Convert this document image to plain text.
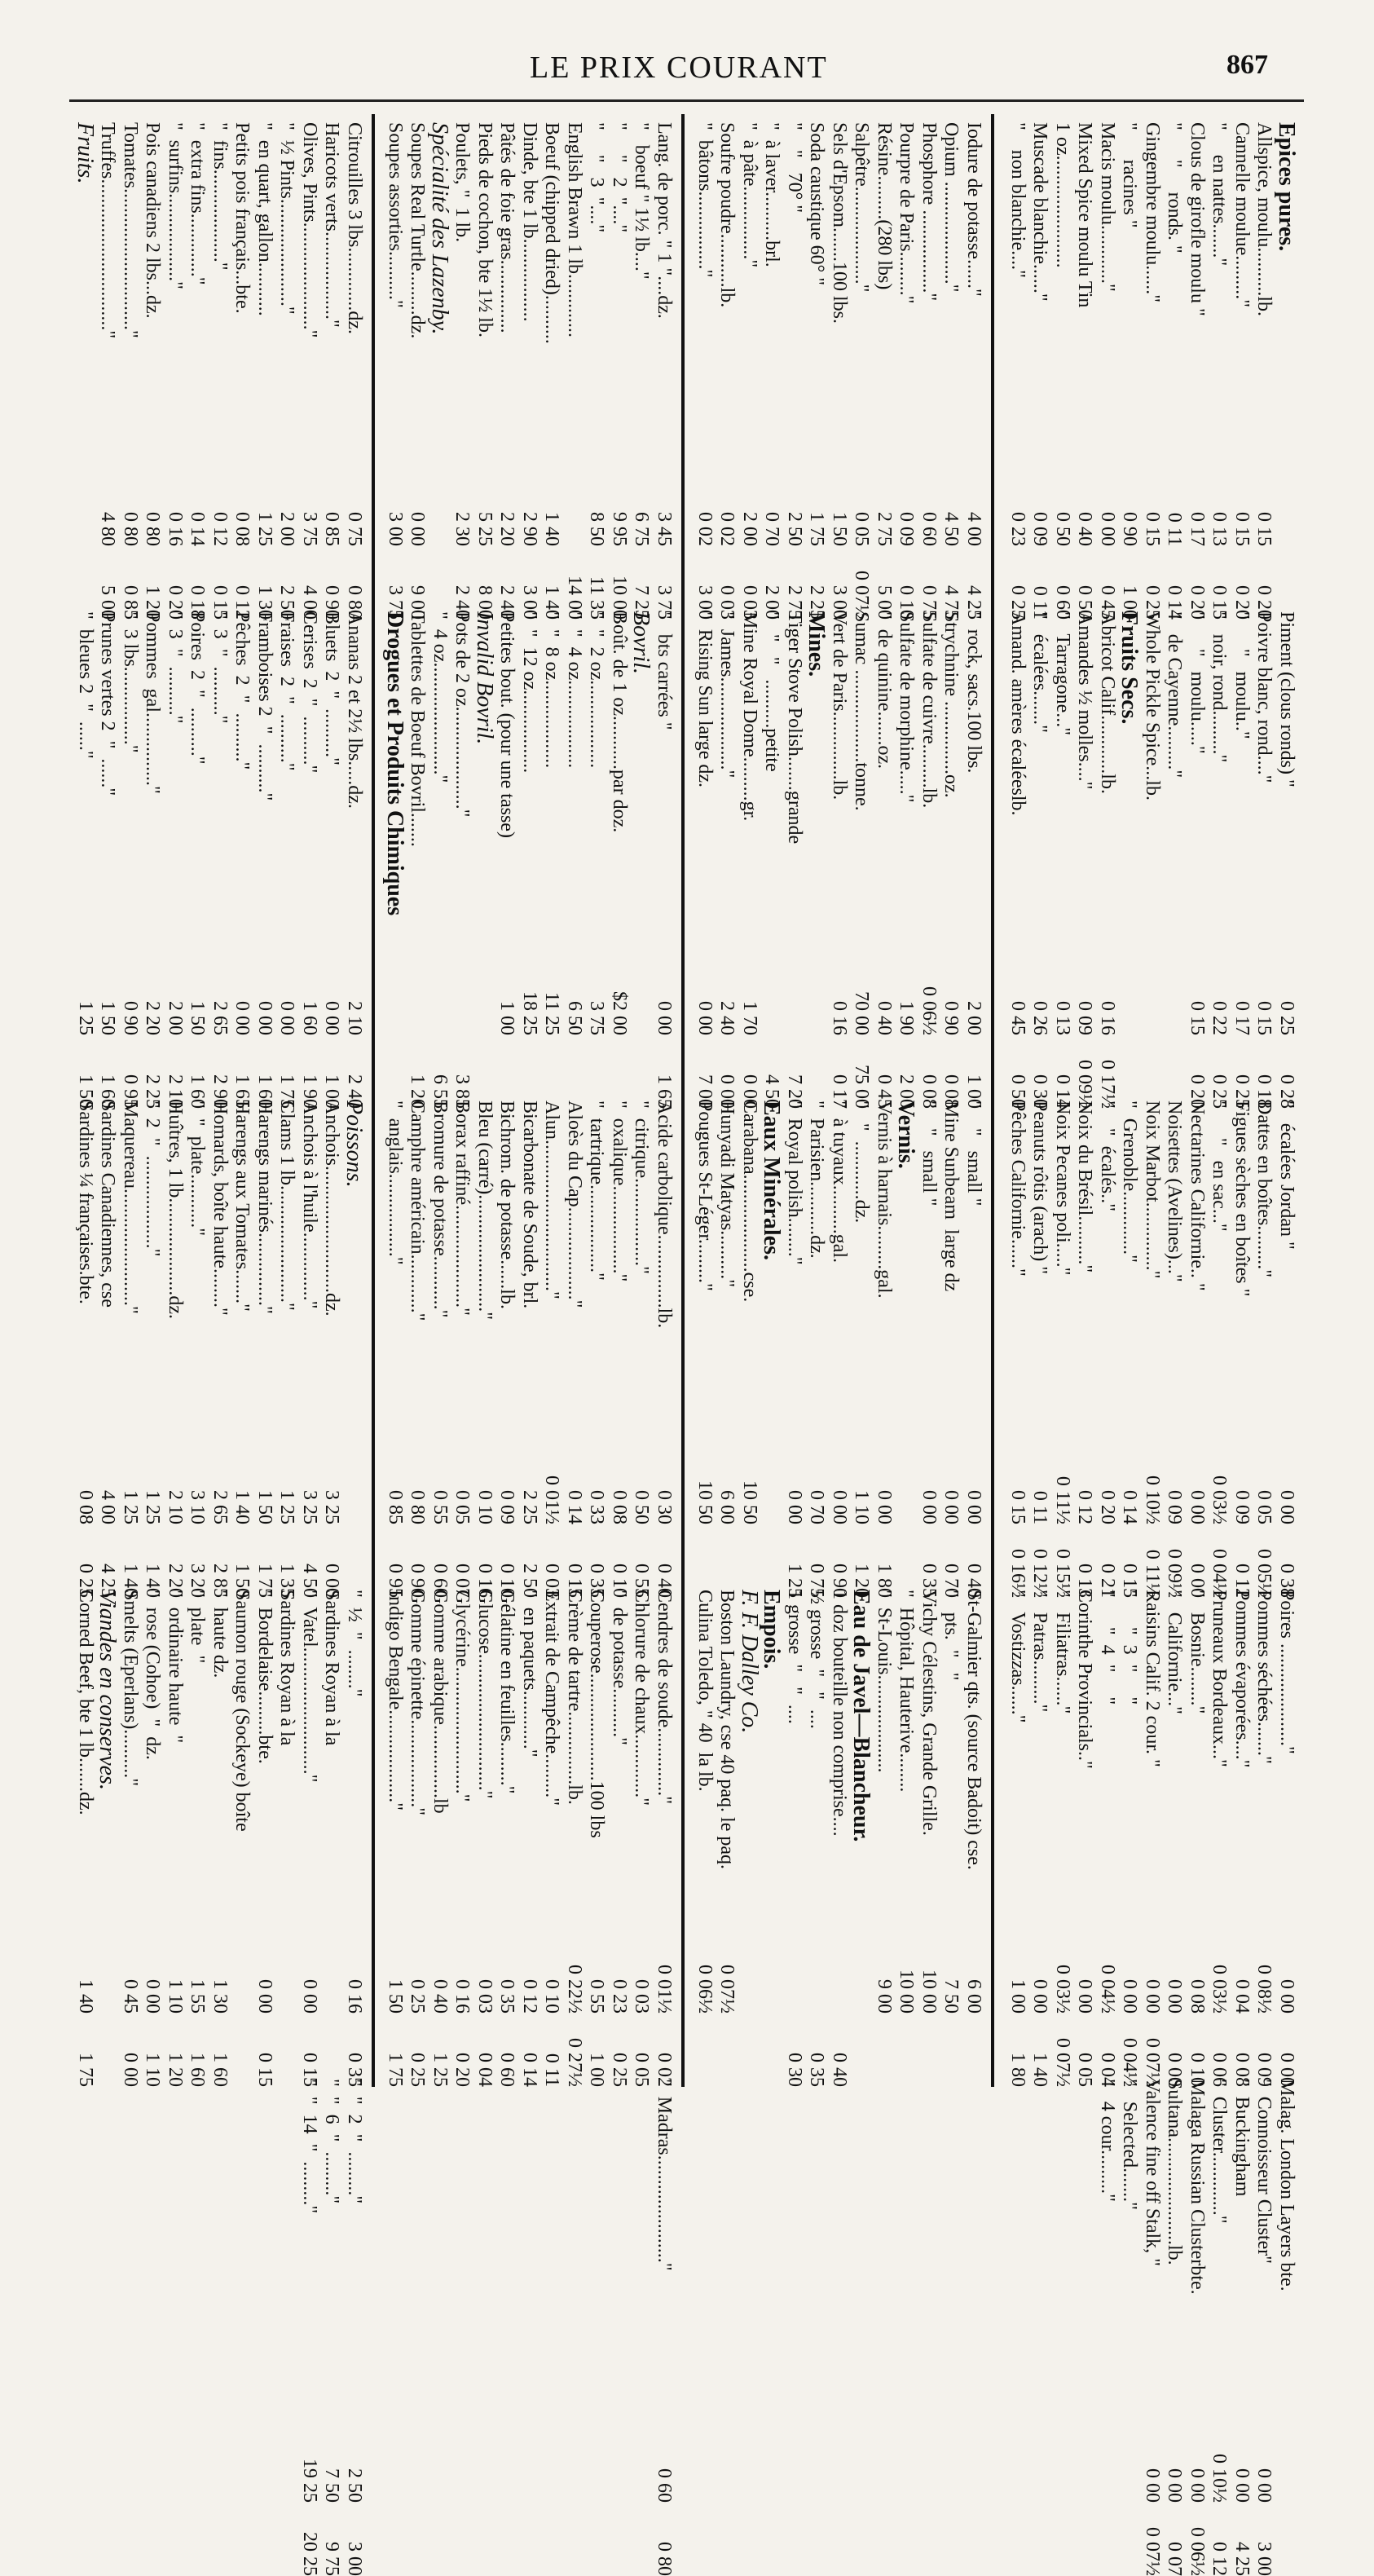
LE PRIX COURANT	867
Epices pures.
Allspice, moulu..........lb.
0 15
0 20
Cannelle moulue........."
0 15
0 20
"     en nattes......."
0 13
0 15
Clous de girofle moulu "
0 17
0 20
"      "     ronds. "
0 11
0 14
Gingembre moulu......"
0 15
0 25
"      racines "
0 90
1 00
Macis moulu............"
0 00
0 45
Mixed Spice moulu Tin
0 40
0 50
1 oz.......................
0 50
0 60
Muscade blanchie......"
0 09
0 11
"    non blanchie...."
0 23
0 25
Piment (clous ronds) "
0 25
0 28
Poivre blanc, rond...."
0 15
0 18
"      "   moulu.."
0 17
0 25
"   noir, rond........."
0 22
0 25
"      "   moulu....."
0 15
0 20
"   de Cayenne........."
Whole Pickle Spice...lb.
Fruits Secs.
Abricot Calif............lb.
0 16
0 17½
Amandes ½ molles...."
0 09
0 09½
"   Tarragone..."
0 13
0 14
"   écalées......."
0 26
0 30
Amand. amères écaléeslb.
0 45
0 50
"   écalées Jordan "
0 00
0 38
Dattes en boîtes........."
0 05
0 05½
Figues sèches en boîtes "
0 09
0 12
"      "   en sac..."
0 03½
0 04½
Nectarines Californie.. "
0 00
0 00
Noisettes (Avelines)..."
0 09
0 09½
Noix Marbot.............."
0 10½
0 11½
"  Grenoble............."
0 14
0 15
"    "  écalés.."
0 20
0 21
Noix du Brésil.........."
0 12
0 13
Noix Pecanes poli....."
0 11½
0 15½
Peanuts rôtis (arach) "
0 11
0 12½
Pêches Californie......"
0 15
0 16½
Poires ....................."
0 00
0 00
Pommes séchées......."
0 08½
0 09
Pommes évaporées...."
0 04
0 08
Pruneaux Bordeaux..."
0 03½
0 06
"   Bosnie........"
0 08
0 10
"   Californie..."
0 00
0 00
Raisins Calif. 2 cour. "
0 00
0 07½
"      "  3  "     "
0 00
0 04½
"      "  4  "     "
0 04½
0 04
Corinthe Provincials.."
0 00
0 05
"   Filiatras......"
0 03½
0 07½
"   Patras........."
0 00
1 40
"   Vostizzas......"
1 00
1 80
Malag. London Layers bte.
"  Connoisseur Cluster"
0 00
3 00
"  Buckingham
0 00
4 25
"  Cluster............."
0 10½
0 12
Malaga Russian Clusterbte.
0 00
0 06½
Sultana......................lb.
0 00
0 07
Valence fine off Stalk, "
0 00
0 07½
"   Selected......."
"   4 cour........."
Iodure de potasse......"
4 00
4 25
Opium ....................."
4 50
4 75
Phosphore ................."
0 60
0 75
Pourpre de Paris........."
0 09
0 10
Résine.........(280 lbs)
2 75
5 00
Salpêtre...................."
0 05
0 07½
Sels d'Epsom.......100 lbs.
1 50
3 00
Soda caustique 60° "
1 75
2 25
"    "   70° "
2 50
2 75
"  à laver..........brl.
0 70
2 00
"  à pâte..............."
2 00
0 03
Soufre poudre...........lb.
0 02
0 03
"  bâtons................"
0 02
3 00
"  rock, sacs.100 lbs.
2 00
1 00
Strychnine ...............oz.
0 90
0 08
Sulfate de cuivre.........lb.
0 06½
0 08
Sulfate de morphine....."
1 90
2 00
"  de quinine.......oz.
0 40
0 45
Sumac ...................tonne.
70 00
75 00
Vert de Paris..............lb.
0 16
0 17
Mines.
Tiger Stove Polish.......grande
7 20
"   "   "   ..........petite
4 50
Mine Royal Dome.........gr.
1 70
0 00
"  James..................."
2 40
0 00
"  Rising Sun large dz.
0 00
7 00
"    "   small "
0 00
0 40
Mine Sunbeam  large dz
0 00
0 70
"    "   small "
0 00
0 35
Vernis.
Vernis à harnais.........gal.
0 00
1 80
"   "  ............dz.
1 10
1 20
"  à tuyaux..........gal.
0 00
0 90
"  Parisien...........dz.
0 70
0 75
"  Royal polish........"
0 00
1 25
Eaux Minérales.
Carabana....................cse.
10 50
Hunyadi Matyas.........."
6 00
Pougues St-Léger........."
10 50
St-Galmier qts. (source Badoit) cse.
6 00
"   pts.  "   "
7 50
Vichy Célestins, Grande Grille.
10 00
"  Hôpital, Hauterive........
10 00
"  St-Louis....................
9 00
Eau de Javel—Blancheur.
1 doz bouteille non comprise....
0 40
½ grosse  "   "  ....
0 35
1 grosse  "   "  ....
0 30
Empois.
F. F. Dalley Co.
Boston Laundry, cse 40 paq. le paq.
0 07½
Culina Toledo, " 40  la lb.
0 06½
Lang. de porc. " 1 "....dz.
3 45
3 75
"   boeuf " 1½ lb...."
6 75
7 25
"     "   2  "...."
9 95
10 00
"     "   3  "...."
8 50
11 35
English Brawn 1 lb.............
14 00
Boeuf (chipped dried)..........
1 40
1 40
Dinde, bte 1 lb.................
2 90
3 00
Pâtés de foie gras...............
2 20
2 40
Pieds de cochon, bte 1½ lb.
5 25
8 00
Poulets, "  1 lb.
2 30
2 40
Spécialité des Lazenby.
Soupes Real Turtle.........dz.
0 00
9 00
Soupes assorties.........."
3 00
3 75
"   bts carrées "
0 00
1 65
Bovril.
Boût. de 1 oz...........par doz.
$2 00
"  "  2 oz..................
3 75
"  "  4 oz..................
6 50
"  "  8 oz..................
11 25
"  "  12 oz.................
18 25
Petites bout. (pour une tasse)
1 00
Invalid Bovril.
Pots de 2 oz....................."
3 85
"  4 oz......................."
6 55
Tablettes de Boeuf Bovril.......
1 20
Drogues et Produits Chimiques
Acide carbolique...............lb.
0 30
0 40
"  citrique.................."
0 50
0 55
"  oxalique.................."
0 08
0 10
"  tartrique.................."
0 33
0 35
Aloès du Cap..................."
0 14
0 15
Alun..............................."
0 01½
0 03
Bicarbonate de Soude, brl.
2 25
2 50
Bichrom. de potasse......lb.
0 09
0 10
Bleu (carré)........................"
0 10
0 16
Borax raffiné....................."
0 05
0 07
Bromure de potasse..........."
0 55
0 60
Camphre américain............"
0 80
0 90
"  anglais................."
0 85
0 95
Cendres de soude.............."
0 01½
0 02
Chlorure de chaux............."
0 03
0 05
"  de potasse.........."
0 23
0 25
Couperose......................100 lbs
0 55
1 00
Crème de tartre...............lb.
0 22½
0 27½
Extrait de Campêche........."
0 10
0 11
"  en paquets............"
0 12
0 14
Gélatine en feuilles........."
0 35
0 60
Glucose............................"
0 03
0 04
Glycérine.........................."
0 16
0 20
Gomme arabique...............lb
0 40
1 25
Gomme épinette.................."
0 25
0 25
Indigo Bengale..................."
1 50
1 75
"  Madras......................"
0 60
0 80
Citrouilles 3 lbs.............dz.
0 75
0 80
Haricots verts.................."
0 85
0 90
Olives, Pints......................"
3 75
4 00
"  ½ Pints......................"
2 00
2 50
"  en quart, gallon...........
1 25
1 30
Petits pois français...bte.
0 08
0 12
"  fins..................."
0 12
0 15
"  extra fins............."
0 14
0 18
"  surfins.................."
0 16
0 20
Pois canadiens 2 lbs...dz.
0 80
1 20
Tomates............................."
0 80
0 85
Truffes..............................."
4 80
5 00
Fruits.
Ananas 2 et 2½ lbs.....dz.
2 10
2 40
Bluets  2  "  .........."
0 00
1 00
Cerises  2  "  .........."
1 60
1 90
Fraises  2  "  .........."
0 00
1 75
Framboises 2  "  .........."
0 00
1 60
Pêches  2  "  .........."
0 00
1 65
"  3  "  .........."
2 65
2 90
Poires  2  "  .........."
1 50
1 60
"  3  "  .........."
2 00
2 10
Pommes  gal..............."
2 20
2 25
"  3 lbs................"
0 90
0 95
Prunes vertes 2  "  ......"
1 50
1 60
"  bleues 2  "  ......"
1 25
1 50
Poissons.
Anchois..........................dz.
3 25
0 00
Anchois à l'huile.............."
3 25
4 50
Clams 1 lb........................"
1 25
1 35
Harengs marinés..............."
1 50
1 75
Harengs aux Tomates......."
1 40
1 50
Homards, boîte haute........"
2 65
2 85
"  "  plate..........."
3 10
3 20
Huîtres, 1 lb....................dz.
2 10
2 20
"  2  "  ..................."
1 25
1 40
Maquereau........................"
1 25
1 40
Sardines Canadiennes, cse
4 00
4 25
Sardines ¼ françaises.bte.
0 08
0 25
"  ½  "  ........"
0 16
0 35
Sardines Royan à la
"  Vatel.........................."
0 00
0 15
Sardines Royan à la
"  Bordelaise.........bte.
0 00
0 15
Saumon rouge (Sockeye) boîte
"  haute dz.
1 30
1 60
"  plate  "
1 55
1 60
"  ordinaire haute  "
1 10
1 20
"  rose (Cohoe)  "  dz.
0 00
1 10
Smelts (Eperlans).........."
0 45
0 00
Viandes en conserves.
Corned Beef, bte 1 lb.......dz.
1 40
1 75
"  "  2  "  ........."
2 50
3 00
"  "  6  "  ........."
7 50
9 75
"  "  14  "  ........."
19 25
20 25
